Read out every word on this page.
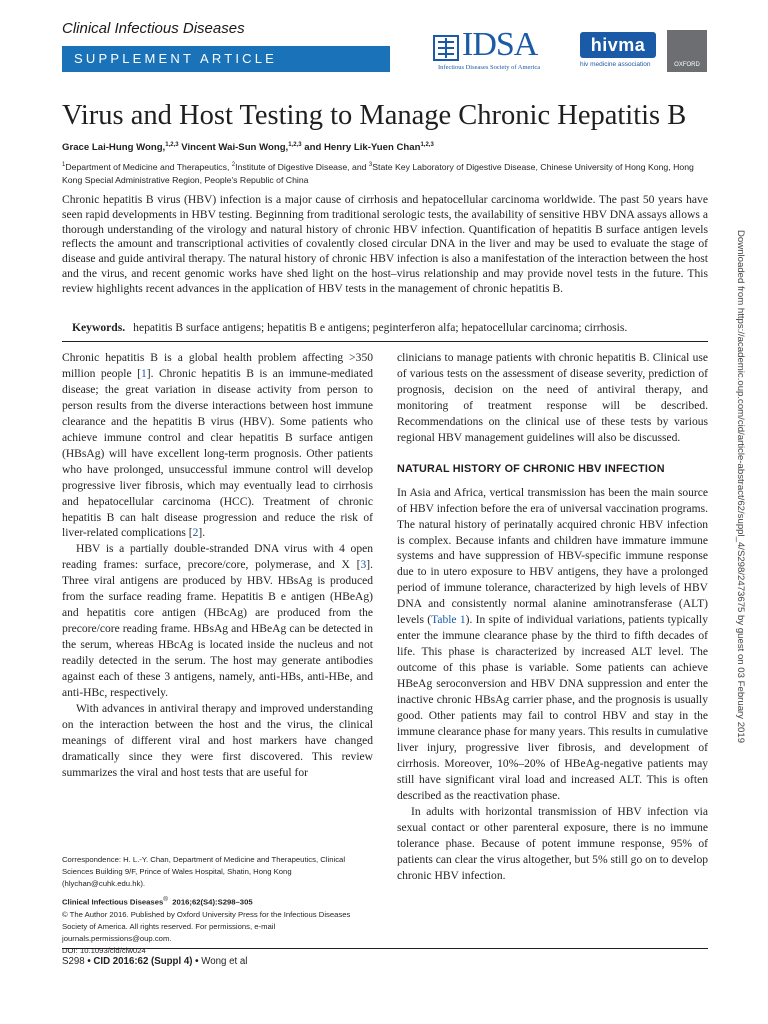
Clinical Infectious Diseases
SUPPLEMENT ARTICLE	IDSA
Infectious Diseases Society of America
hivma
hiv medicine association	OXFORD
Virus and Host Testing to Manage Chronic Hepatitis B
Grace Lai-Hung Wong,$^{1,2,3}$ Vincent Wai-Sun Wong,$^{1,2,3}$ and Henry Lik-Yuen Chan$^{1,2,3}$
$^1$Department of Medicine and Therapeutics, $^2$Institute of Digestive Disease, and $^3$State Key Laboratory of Digestive Disease, Chinese University of Hong Kong, Hong Kong Special Administrative Region, People's Republic of China
Chronic hepatitis B virus (HBV) infection is a major cause of cirrhosis and hepatocellular carcinoma worldwide. The past 50 years have seen rapid developments in HBV testing. Beginning from traditional serologic tests, the availability of sensitive HBV DNA assays allows a thorough understanding of the virology and natural history of chronic HBV infection. Quantification of hepatitis B surface antigen levels reflects the amount and transcriptional activities of covalently closed circular DNA in the liver and may be used to evaluate the stage of disease and guide antiviral therapy. The natural history of chronic HBV infection is also a manifestation of the interaction between the host and the virus, and recent genomic works have shed light on the host–virus relationship and may provide novel tests in the future. This review highlights recent advances in the application of HBV tests in the management of chronic hepatitis B.
Keywords. hepatitis B surface antigens; hepatitis B e antigens; peginterferon alfa; hepatocellular carcinoma; cirrhosis.

Chronic hepatitis B is a global health problem affecting >350 million people [1]. Chronic hepatitis B is an immune-mediated disease; the great variation in disease activity from person to person results from the diverse interactions between host immune clearance and the hepatitis B virus (HBV). Some patients who achieve immune control and clear hepatitis B surface antigen (HBsAg) will have excellent long-term prognosis. Other patients who have prolonged, unsuccessful immune control will develop progressive liver fibrosis, which may eventually lead to cirrhosis and hepatocellular carcinoma (HCC). Treatment of chronic hepatitis B can halt disease progression and reduce the risk of liver-related complications [2].

HBV is a partially double-stranded DNA virus with 4 open reading frames: surface, precore/core, polymerase, and X [3]. Three viral antigens are produced by HBV. HBsAg is produced from the surface reading frame. Hepatitis B e antigen (HBeAg) and hepatitis core antigen (HBcAg) are produced from the precore/core reading frame. HBsAg and HBeAg can be detected in the serum, whereas HBcAg is located inside the nucleus and not readily detected in the serum. The host may generate antibodies against each of these 3 antigens, namely, anti-HBs, anti-HBe, and anti-HBc, respectively.

With advances in antiviral therapy and improved understanding on the interaction between the host and the virus, the clinical meanings of different viral and host markers have changed dramatically since they were first discovered. This review summarizes the viral and host tests that are useful for

clinicians to manage patients with chronic hepatitis B. Clinical use of various tests on the assessment of disease severity, prediction of prognosis, decision on the need of antiviral therapy, and monitoring of treatment response will be described. Recommendations on the clinical use of these tests by various regional HBV management guidelines will also be discussed.

NATURAL HISTORY OF CHRONIC HBV INFECTION

In Asia and Africa, vertical transmission has been the main source of HBV infection before the era of universal vaccination programs. The natural history of perinatally acquired chronic HBV infection is complex. Because infants and children have immature immune systems and have suppression of HBV-specific immune response due to in utero exposure to HBV antigens, they have a prolonged period of immune tolerance, characterized by high levels of HBV DNA and consistently normal alanine aminotransferase (ALT) levels (Table 1). In spite of individual variations, patients typically enter the immune clearance phase by the third to fifth decades of life. This phase is characterized by increased ALT level. The outcome of this phase is variable. Some patients can achieve HBeAg seroconversion and HBV DNA suppression and enter the inactive chronic HBsAg carrier phase, and the prognosis is usually good. Other patients may fail to control HBV and stay in the immune clearance phase for many years. This results in cumulative liver injury, progressive liver fibrosis, and development of cirrhosis. Moreover, 10%–20% of HBeAg-negative patients may still have significant viral load and increased ALT. This is often described as the reactivation phase.

In adults with horizontal transmission of HBV infection via sexual contact or other parenteral exposure, there is no immune tolerance phase. Because of potent immune response, 95% of patients can clear the virus altogether, but 5% still go on to develop chronic HBV infection.

Correspondence: H. L.-Y. Chan, Department of Medicine and Therapeutics, Clinical Sciences Building 9/F, Prince of Wales Hospital, Shatin, Hong Kong (hlychan@cuhk.edu.hk).

Clinical Infectious Diseases® 2016;62(S4):S298–305

© The Author 2016. Published by Oxford University Press for the Infectious Diseases Society of America. All rights reserved. For permissions, e-mail journals.permissions@oup.com.

DOI: 10.1093/cid/ciw024

S298 • CID 2016:62 (Suppl 4) • Wong et al
Downloaded from https://academic.oup.com/cid/article-abstract/62/suppl_4/S298/2473675 by guest on 03 February 2019
